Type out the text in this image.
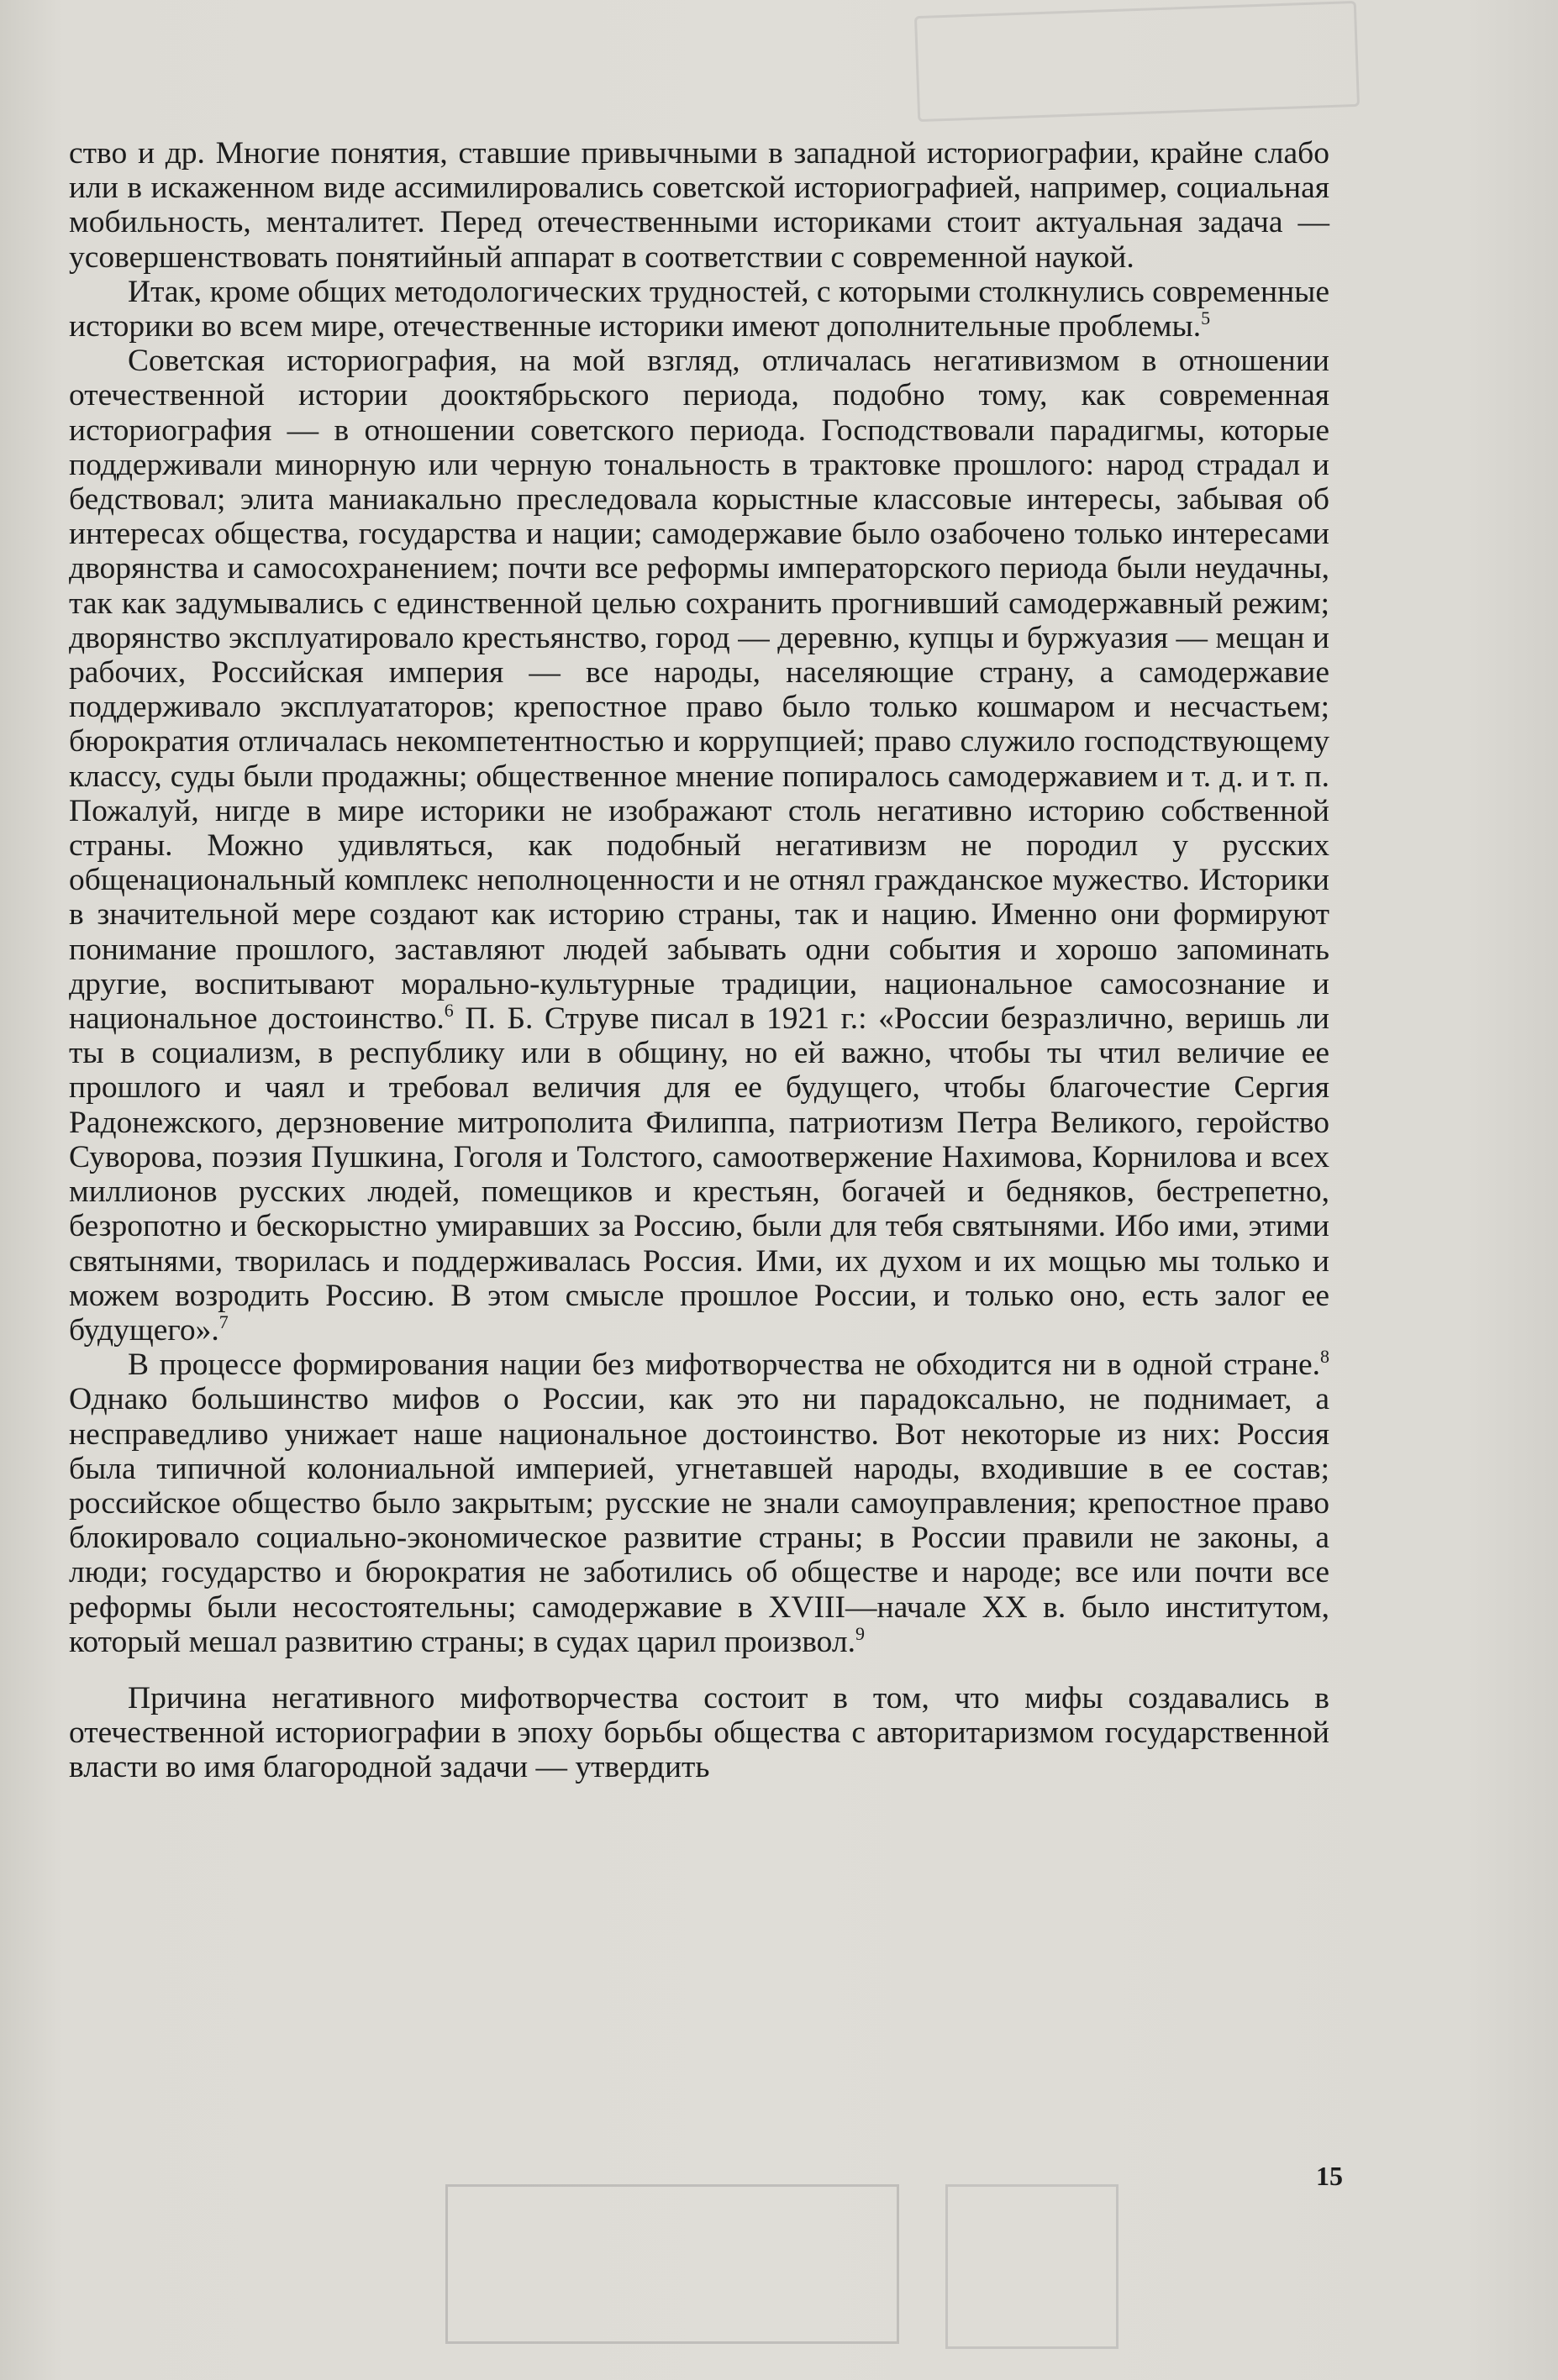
ство и др. Многие понятия, ставшие привычными в западной историографии, крайне слабо или в искаженном виде ассимилировались советской историографией, например, социальная мобильность, менталитет. Перед отечественными историками стоит актуальная задача — усовершенствовать понятийный аппарат в соответствии с современной наукой.

Итак, кроме общих методологических трудностей, с которыми столкнулись современные историки во всем мире, отечественные историки имеют дополнительные проблемы.$^5$

Советская историография, на мой взгляд, отличалась негативизмом в отношении отечественной истории дооктябрьского периода, подобно тому, как современная историография — в отношении советского периода. Господствовали парадигмы, которые поддерживали минорную или черную тональность в трактовке прошлого: народ страдал и бедствовал; элита маниакально преследовала корыстные классовые интересы, забывая об интересах общества, государства и нации; самодержавие было озабочено только интересами дворянства и самосохранением; почти все реформы императорского периода были неудачны, так как задумывались с единственной целью сохранить прогнивший самодержавный режим; дворянство эксплуатировало крестьянство, город — деревню, купцы и буржуазия — мещан и рабочих, Российская империя — все народы, населяющие страну, а самодержавие поддерживало эксплуататоров; крепостное право было только кошмаром и несчастьем; бюрократия отличалась некомпетентностью и коррупцией; право служило господствующему классу, суды были продажны; общественное мнение попиралось самодержавием и т. д. и т. п. Пожалуй, нигде в мире историки не изображают столь негативно историю собственной страны. Можно удивляться, как подобный негативизм не породил у русских общенациональный комплекс неполноценности и не отнял гражданское мужество. Историки в значительной мере создают как историю страны, так и нацию. Именно они формируют понимание прошлого, заставляют людей забывать одни события и хорошо запоминать другие, воспитывают морально-культурные традиции, национальное самосознание и национальное достоинство.$^6$ П. Б. Струве писал в 1921 г.: «России безразлично, веришь ли ты в социализм, в республику или в общину, но ей важно, чтобы ты чтил величие ее прошлого и чаял и требовал величия для ее будущего, чтобы благочестие Сергия Радонежского, дерзновение митрополита Филиппа, патриотизм Петра Великого, геройство Суворова, поэзия Пушкина, Гоголя и Толстого, самоотвержение Нахимова, Корнилова и всех миллионов русских людей, помещиков и крестьян, богачей и бедняков, бестрепетно, безропотно и бескорыстно умиравших за Россию, были для тебя святынями. Ибо ими, этими святынями, творилась и поддерживалась Россия. Ими, их духом и их мощью мы только и можем возродить Россию. В этом смысле прошлое России, и только оно, есть залог ее будущего».$^7$

В процессе формирования нации без мифотворчества не обходится ни в одной стране.$^8$ Однако большинство мифов о России, как это ни парадоксально, не поднимает, а несправедливо унижает наше национальное достоинство. Вот некоторые из них: Россия была типичной колониальной империей, угнетавшей народы, входившие в ее состав; российское общество было закрытым; русские не знали самоуправления; крепостное право блокировало социально-экономическое развитие страны; в России правили не законы, а люди; государство и бюрократия не заботились об обществе и народе; все или почти все реформы были несостоятельны; самодержавие в XVIII—начале XX в. было институтом, который мешал развитию страны; в судах царил произвол.$^9$

Причина негативного мифотворчества состоит в том, что мифы создавались в отечественной историографии в эпоху борьбы общества с авторитаризмом государственной власти во имя благородной задачи — утвердить

15
